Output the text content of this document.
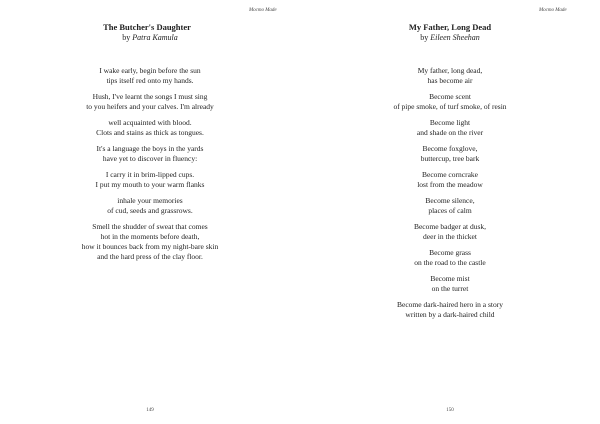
Mocmo Made
The Butcher's Daughter
by Patra Kamula
I wake early, begin before the sun
tips itself red onto my hands.
Hush, I've learnt the songs I must sing
to you heifers and your calves. I'm already
well acquainted with blood.
Clots and stains as thick as tongues.
It's a language the boys in the yards
have yet to discover in fluency:
I carry it in brim-lipped cups.
I put my mouth to your warm flanks
inhale your memories
of cud, seeds and grassrows.
Smell the shudder of sweat that comes
hot in the moments before death,
how it bounces back from my night-bare skin
and the hard press of the clay floor.
149
Mocmo Made
My Father, Long Dead
by Eileen Sheehan
My father, long dead,
has become air
Become scent
of pipe smoke, of turf smoke, of resin
Become light
and shade on the river
Become foxglove,
buttercup, tree bark
Become corncrake
lost from the meadow
Become silence,
places of calm
Become badger at dusk,
deer in the thicket
Become grass
on the road to the castle
Become mist
on the turret
Become dark-haired hero in a story
written by a dark-haired child
150
